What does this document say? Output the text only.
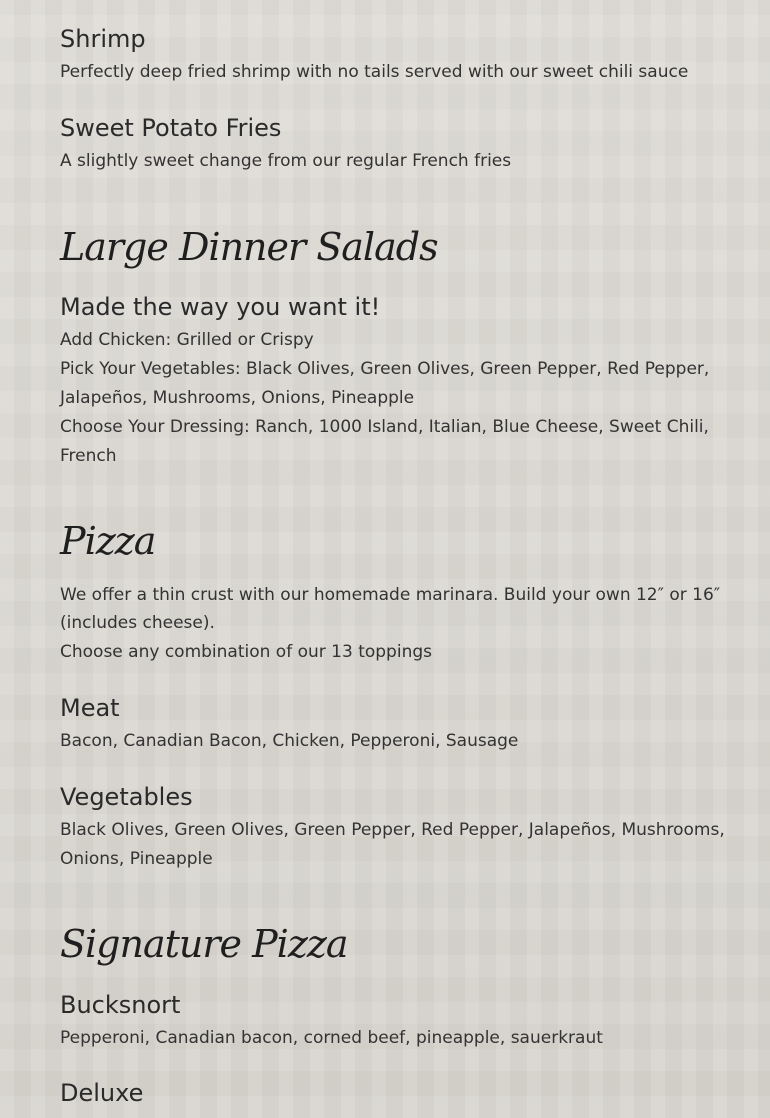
Shrimp

Perfectly deep fried shrimp with no tails served with our sweet chili sauce

Sweet Potato Fries

A slightly sweet change from our regular French fries

Large Dinner Salads
Made the way you want it!

Add Chicken: Grilled or Crispy

Pick Your Vegetables: Black Olives, Green Olives, Green Pepper, Red Pepper,

Jalapeños, Mushrooms, Onions, Pineapple

Choose Your Dressing: Ranch, 1000 Island, Italian, Blue Cheese, Sweet Chili,

French

Pizza

We offer a thin crust with our homemade marinara. Build your own 12″ or 16″

(includes cheese).

Choose any combination of our 13 toppings

Meat

Bacon, Canadian Bacon, Chicken, Pepperoni, Sausage

Vegetables

Black Olives, Green Olives, Green Pepper, Red Pepper, Jalapeños, Mushrooms,

Onions, Pineapple

Signature Pizza
Bucksnort

Pepperoni, Canadian bacon, corned beef, pineapple, sauerkraut

Deluxe
